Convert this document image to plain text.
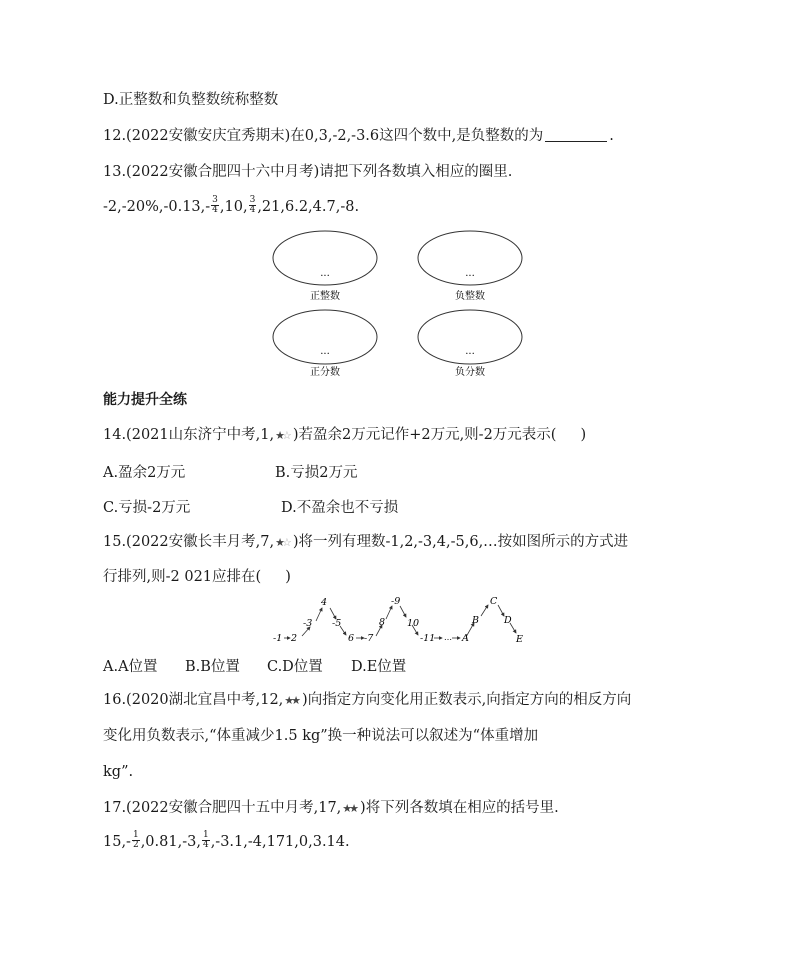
D.正整数和负整数统称整数
12.(2022安徽安庆宜秀期末)在0,3,-2,-3.6这四个数中,是负整数的为	.
13.(2022安徽合肥四十六中月考)请把下列各数填入相应的圈里.
$-2,-20\%,-0.13,- \frac{3}{4} ,10$, $\frac{3}{4} ,21,6.2,4.7,-8$.
...
正整数
...
负整数
...
正分数
...
负分数
能力提升全练
14.(2021山东济宁中考,1,★☆ )若盈余2万元记作+2万元,则-2万元表示( )
A.盈余2万元	B.亏损2万元
C.亏损-2万元	D.不盈余也不亏损
15.(2022安徽长丰月考,7,★☆ )将一列有理数-1,2,-3,4,-5,6,…按如图所示的方式进
行排列,则-2 021应排在( )
-1 2
-3
4
-5
6 -7
8
-9
10
-11 … A
B
C
D
E
A.A位置 B.B位置 C.D位置 D.E位置
16.(2020湖北宜昌中考,12,★★ )向指定方向变化用正数表示,向指定方向的相反方向
变化用负数表示,“体重减少1.5 kg”换一种说法可以叙述为“体重增加
kg”.
17.(2022安徽合肥四十五中月考,17,★★ )将下列各数填在相应的括号里.
$15,- \frac{1}{2} ,0.81,-3$, $\frac{1}{4} ,-3.1,-4,171,0,3.14$.
